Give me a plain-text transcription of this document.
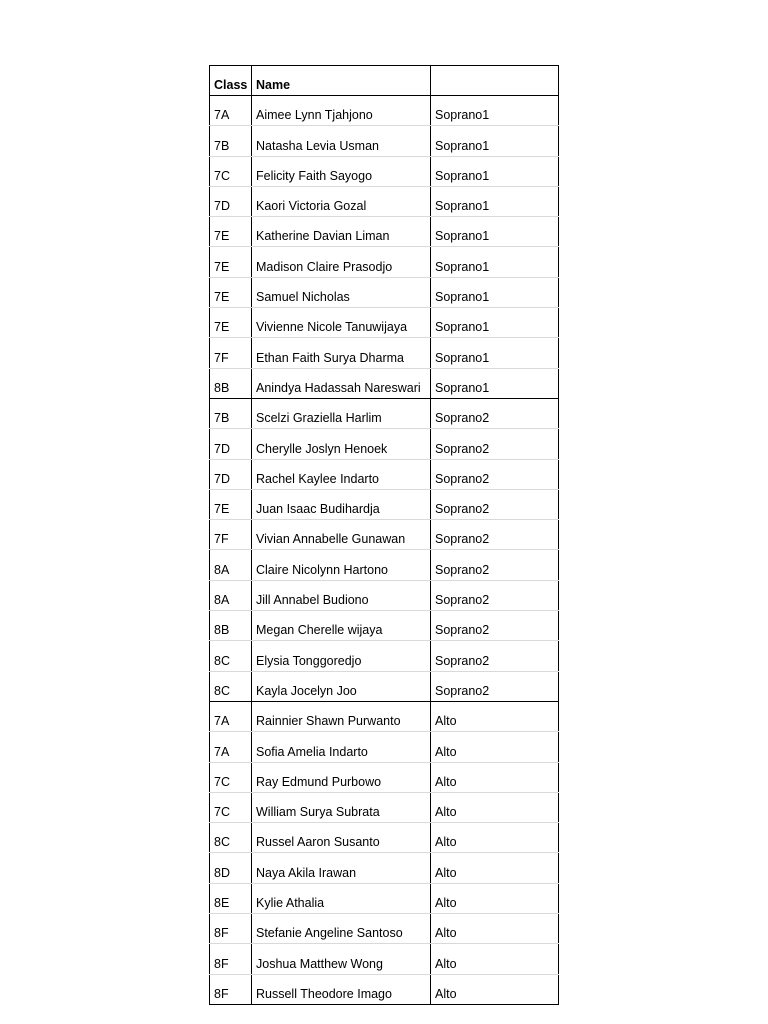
Class	Name	
7A	Aimee Lynn Tjahjono	Soprano1
7B	Natasha Levia Usman	Soprano1
7C	Felicity Faith Sayogo	Soprano1
7D	Kaori Victoria Gozal	Soprano1
7E	Katherine Davian Liman	Soprano1
7E	Madison Claire Prasodjo	Soprano1
7E	Samuel Nicholas	Soprano1
7E	Vivienne Nicole Tanuwijaya	Soprano1
7F	Ethan Faith Surya Dharma	Soprano1
8B	Anindya Hadassah Nareswari	Soprano1
7B	Scelzi Graziella Harlim	Soprano2
7D	Cherylle Joslyn Henoek	Soprano2
7D	Rachel Kaylee Indarto	Soprano2
7E	Juan Isaac Budihardja	Soprano2
7F	Vivian Annabelle Gunawan	Soprano2
8A	Claire Nicolynn Hartono	Soprano2
8A	Jill Annabel Budiono	Soprano2
8B	Megan Cherelle wijaya	Soprano2
8C	Elysia Tonggoredjo	Soprano2
8C	Kayla Jocelyn Joo	Soprano2
7A	Rainnier Shawn Purwanto	Alto
7A	Sofia Amelia Indarto	Alto
7C	Ray Edmund Purbowo	Alto
7C	William Surya Subrata	Alto
8C	Russel Aaron Susanto	Alto
8D	Naya Akila Irawan	Alto
8E	Kylie Athalia	Alto
8F	Stefanie Angeline Santoso	Alto
8F	Joshua Matthew Wong	Alto
8F	Russell Theodore Imago	Alto
